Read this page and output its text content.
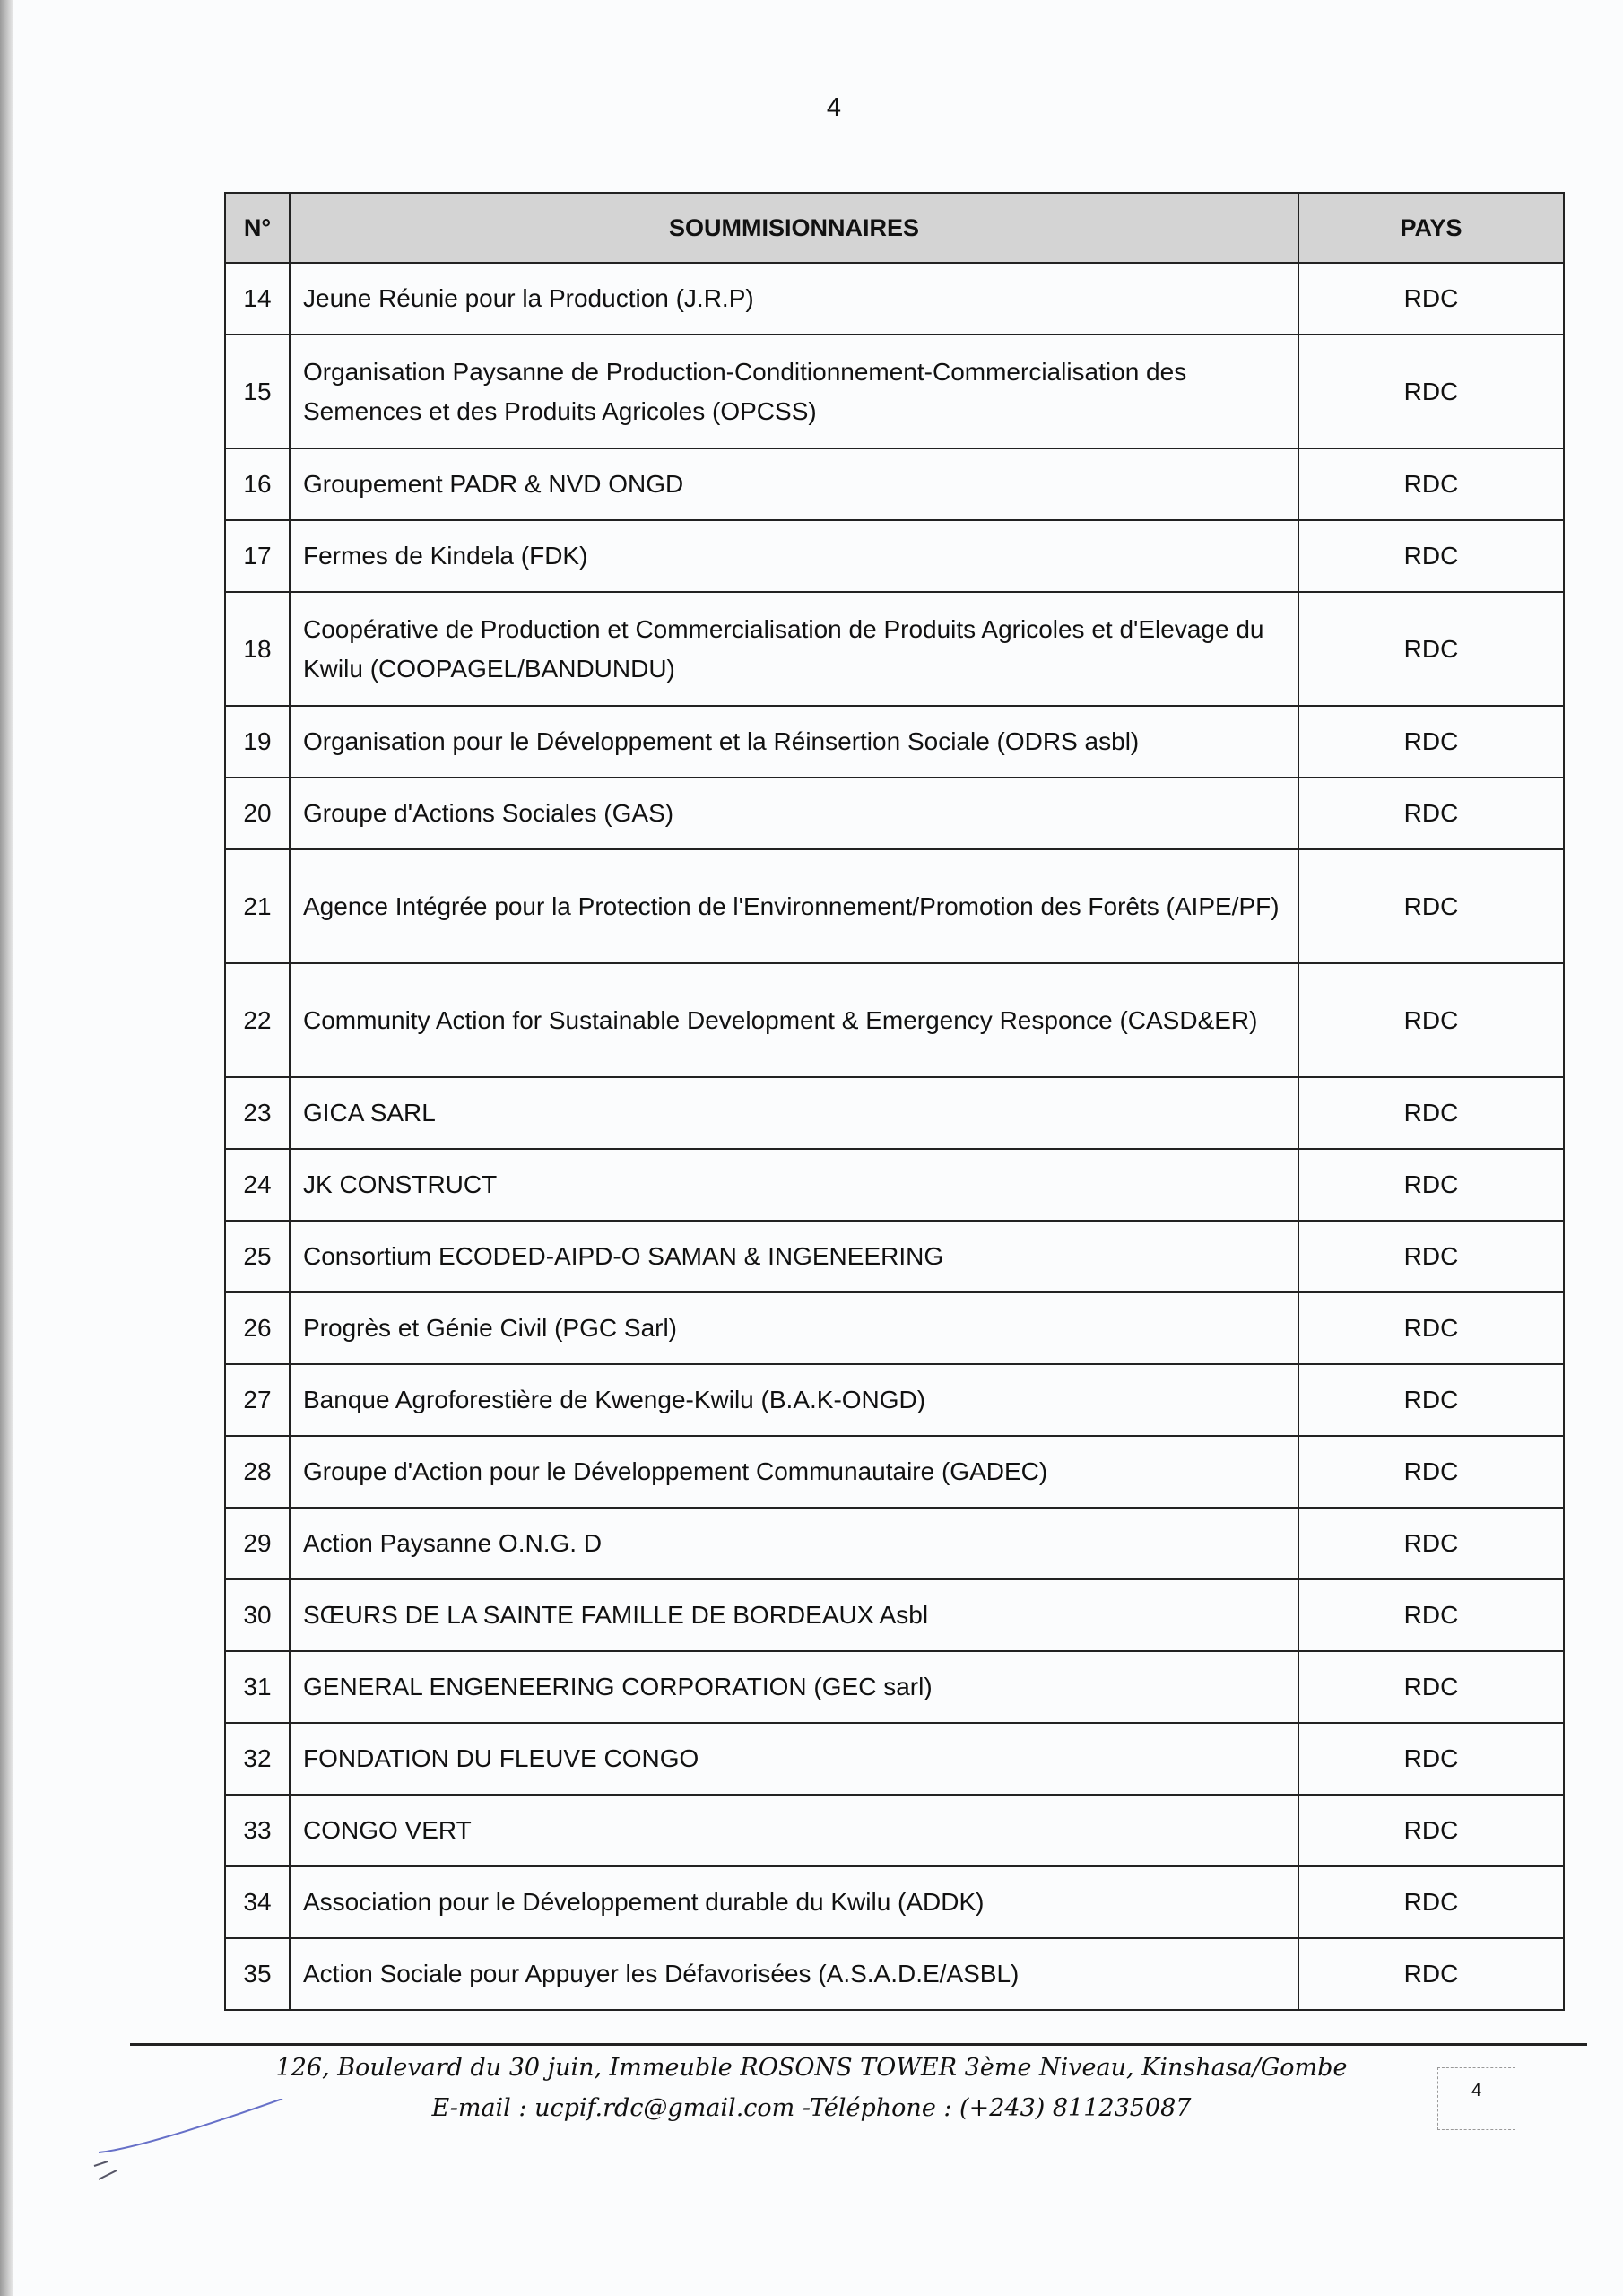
4
N°	SOUMMISIONNAIRES	PAYS
14	Jeune Réunie pour la Production (J.R.P)	RDC
15	Organisation Paysanne de Production-Conditionnement-Commercialisation des Semences et des Produits Agricoles (OPCSS)	RDC
16	Groupement PADR & NVD ONGD	RDC
17	Fermes de Kindela (FDK)	RDC
18	Coopérative de Production et Commercialisation de Produits Agricoles et d'Elevage du Kwilu (COOPAGEL/BANDUNDU)	RDC
19	Organisation pour le Développement et la Réinsertion Sociale (ODRS asbl)	RDC
20	Groupe d'Actions Sociales (GAS)	RDC
21	Agence Intégrée pour la Protection de l'Environnement/Promotion des Forêts (AIPE/PF)	RDC
22	Community Action for Sustainable Development & Emergency Responce (CASD&ER)	RDC
23	GICA SARL	RDC
24	JK CONSTRUCT	RDC
25	Consortium ECODED-AIPD-O SAMAN & INGENEERING	RDC
26	Progrès et Génie Civil (PGC Sarl)	RDC
27	Banque Agroforestière de Kwenge-Kwilu (B.A.K-ONGD)	RDC
28	Groupe d'Action pour le Développement Communautaire (GADEC)	RDC
29	Action Paysanne O.N.G. D	RDC
30	SŒURS DE LA SAINTE FAMILLE DE BORDEAUX Asbl	RDC
31	GENERAL ENGENEERING CORPORATION (GEC sarl)	RDC
32	FONDATION DU FLEUVE CONGO	RDC
33	CONGO VERT	RDC
34	Association pour le Développement durable du Kwilu (ADDK)	RDC
35	Action Sociale pour Appuyer les Défavorisées (A.S.A.D.E/ASBL)	RDC
126, Boulevard du 30 juin, Immeuble ROSONS TOWER 3ème Niveau, Kinshasa/Gombe
E-mail : ucpif.rdc@gmail.com -Téléphone : (+243) 811235087
4
